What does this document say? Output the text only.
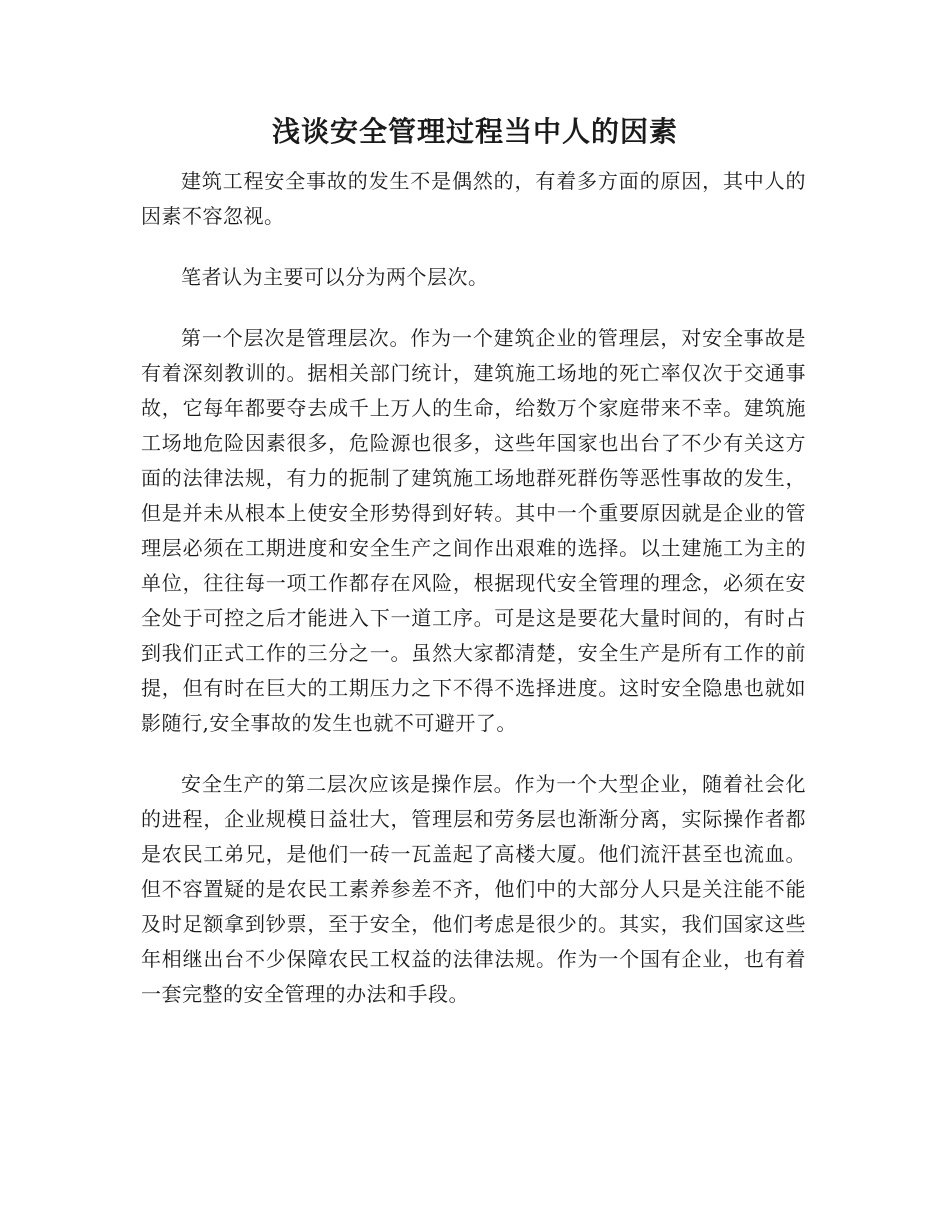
浅谈安全管理过程当中人的因素

建筑工程安全事故的发生不是偶然的，有着多方面的原因，其中人的因素不容忽视。

笔者认为主要可以分为两个层次。

第一个层次是管理层次。作为一个建筑企业的管理层，对安全事故是有着深刻教训的。据相关部门统计，建筑施工场地的死亡率仅次于交通事故，它每年都要夺去成千上万人的生命，给数万个家庭带来不幸。建筑施工场地危险因素很多，危险源也很多，这些年国家也出台了不少有关这方面的法律法规，有力的扼制了建筑施工场地群死群伤等恶性事故的发生，但是并未从根本上使安全形势得到好转。其中一个重要原因就是企业的管理层必须在工期进度和安全生产之间作出艰难的选择。以土建施工为主的单位，往往每一项工作都存在风险，根据现代安全管理的理念，必须在安全处于可控之后才能进入下一道工序。可是这是要花大量时间的，有时占到我们正式工作的三分之一。虽然大家都清楚，安全生产是所有工作的前提，但有时在巨大的工期压力之下不得不选择进度。这时安全隐患也就如影随行,安全事故的发生也就不可避开了。

安全生产的第二层次应该是操作层。作为一个大型企业，随着社会化的进程，企业规模日益壮大，管理层和劳务层也渐渐分离，实际操作者都是农民工弟兄，是他们一砖一瓦盖起了高楼大厦。他们流汗甚至也流血。但不容置疑的是农民工素养参差不齐，他们中的大部分人只是关注能不能及时足额拿到钞票，至于安全，他们考虑是很少的。其实，我们国家这些年相继出台不少保障农民工权益的法律法规。作为一个国有企业，也有着一套完整的安全管理的办法和手段。
